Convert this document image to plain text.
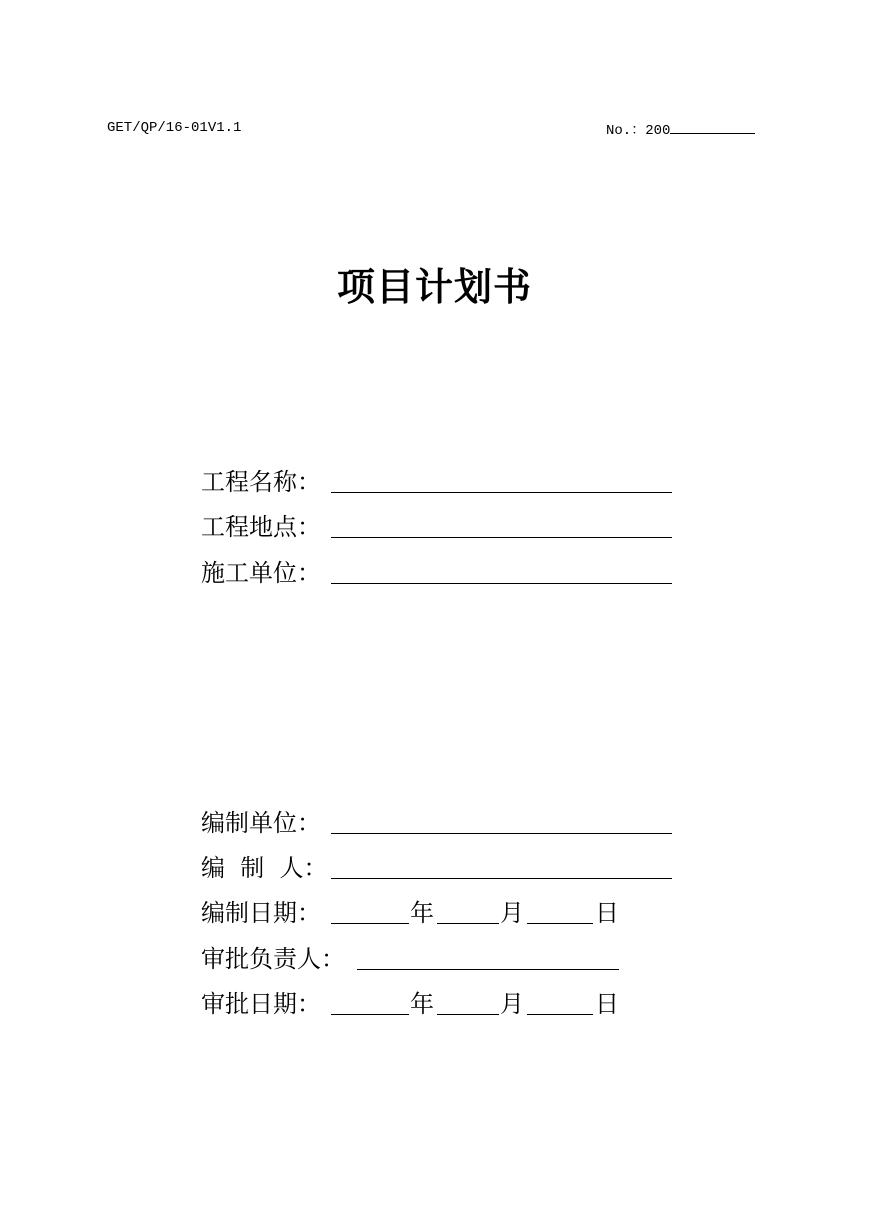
GET/QP/16-01V1.1	No.：200
项目计划书
工程名称：
工程地点：
施工单位：
编制单位：
编  制  人：
编制日期：	年	月	日
审批负责人：
审批日期：	年	月	日
